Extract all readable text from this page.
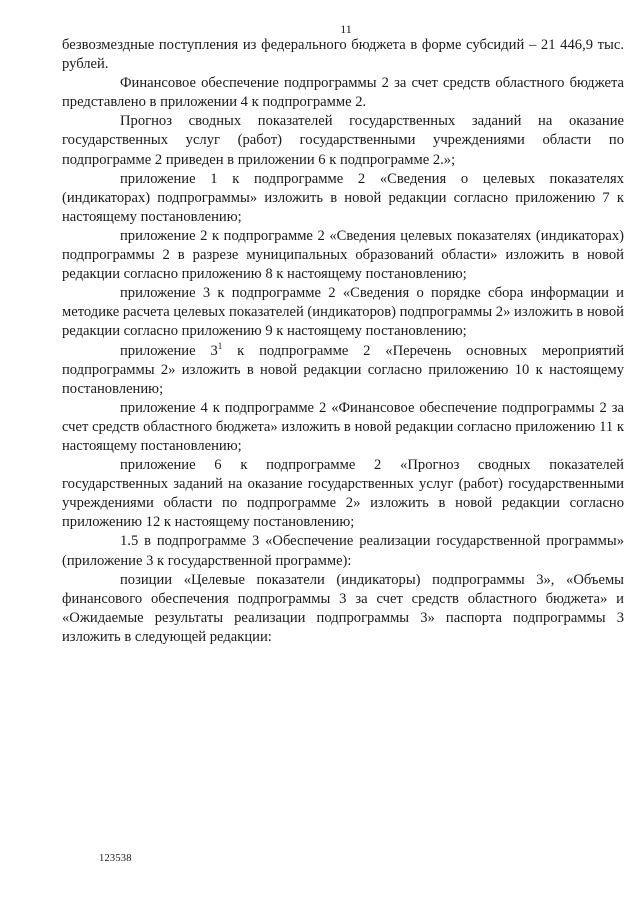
11

безвозмездные поступления из федерального бюджета в форме субсидий – 21 446,9 тыс. рублей.

Финансовое обеспечение подпрограммы 2 за счет средств областного бюджета представлено в приложении 4 к подпрограмме 2.

Прогноз сводных показателей государственных заданий на оказание государственных услуг (работ) государственными учреждениями области по подпрограмме 2 приведен в приложении 6 к подпрограмме 2.»;

приложение 1 к подпрограмме 2 «Сведения о целевых показателях (индикаторах) подпрограммы» изложить в новой редакции согласно приложению 7 к настоящему постановлению;

приложение 2 к подпрограмме 2 «Сведения целевых показателях (индикаторах) подпрограммы 2 в разрезе муниципальных образований области» изложить в новой редакции согласно приложению 8 к настоящему постановлению;

приложение 3 к подпрограмме 2 «Сведения о порядке сбора информации и методике расчета целевых показателей (индикаторов) подпрограммы 2» изложить в новой редакции согласно приложению 9 к настоящему постановлению;

приложение $3^1$ к подпрограмме 2 «Перечень основных мероприятий подпрограммы 2» изложить в новой редакции согласно приложению 10 к настоящему постановлению;

приложение 4 к подпрограмме 2 «Финансовое обеспечение подпрограммы 2 за счет средств областного бюджета» изложить в новой редакции согласно приложению 11 к настоящему постановлению;

приложение 6 к подпрограмме 2 «Прогноз сводных показателей государственных заданий на оказание государственных услуг (работ) государственными учреждениями области по подпрограмме 2» изложить в новой редакции согласно приложению 12 к настоящему постановлению;

1.5 в подпрограмме 3 «Обеспечение реализации государственной программы» (приложение 3 к государственной программе):

позиции «Целевые показатели (индикаторы) подпрограммы 3», «Объемы финансового обеспечения подпрограммы 3 за счет средств областного бюджета» и «Ожидаемые результаты реализации подпрограммы 3» паспорта подпрограммы 3 изложить в следующей редакции:

123538
